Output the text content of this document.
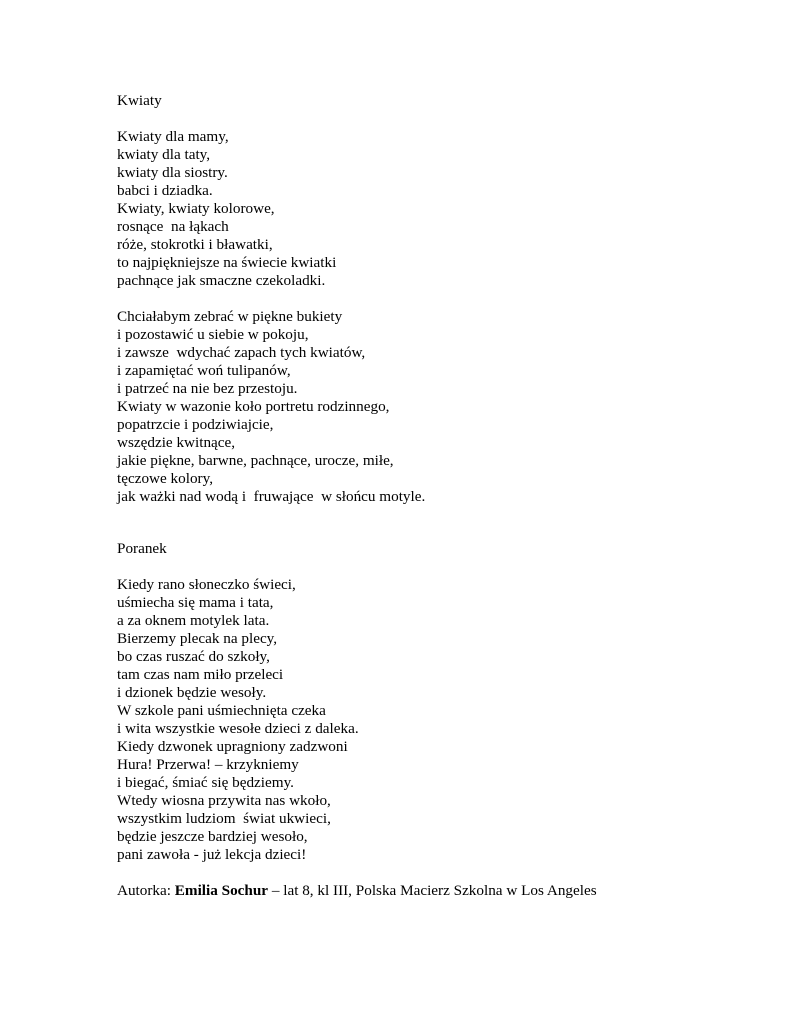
Kwiaty
Kwiaty dla mamy,
kwiaty dla taty,
kwiaty dla siostry.
babci i dziadka.
Kwiaty, kwiaty kolorowe,
rosnące  na łąkach
róże, stokrotki i bławatki,
to najpiękniejsze na świecie kwiatki
pachnące jak smaczne czekoladki.
Chciałabym zebrać w piękne bukiety
i pozostawić u siebie w pokoju,
i zawsze  wdychać zapach tych kwiatów,
i zapamiętać woń tulipanów,
i patrzeć na nie bez przestoju.
Kwiaty w wazonie koło portretu rodzinnego,
popatrzcie i podziwiajcie,
wszędzie kwitnące,
jakie piękne, barwne, pachnące, urocze, miłe,
tęczowe kolory,
jak ważki nad wodą i  fruwające  w słońcu motyle.
Poranek
Kiedy rano słoneczko świeci,
uśmiecha się mama i tata,
a za oknem motylek lata.
Bierzemy plecak na plecy,
bo czas ruszać do szkoły,
tam czas nam miło przeleci
i dzionek będzie wesoły.
W szkole pani uśmiechnięta czeka
i wita wszystkie wesołe dzieci z daleka.
Kiedy dzwonek upragniony zadzwoni
Hura! Przerwa! – krzykniemy
i biegać, śmiać się będziemy.
Wtedy wiosna przywita nas wkoło,
wszystkim ludziom  świat ukwieci,
będzie jeszcze bardziej wesoło,
pani zawoła - już lekcja dzieci!
Autorka: Emilia Sochur – lat 8, kl III, Polska Macierz Szkolna w Los Angeles
